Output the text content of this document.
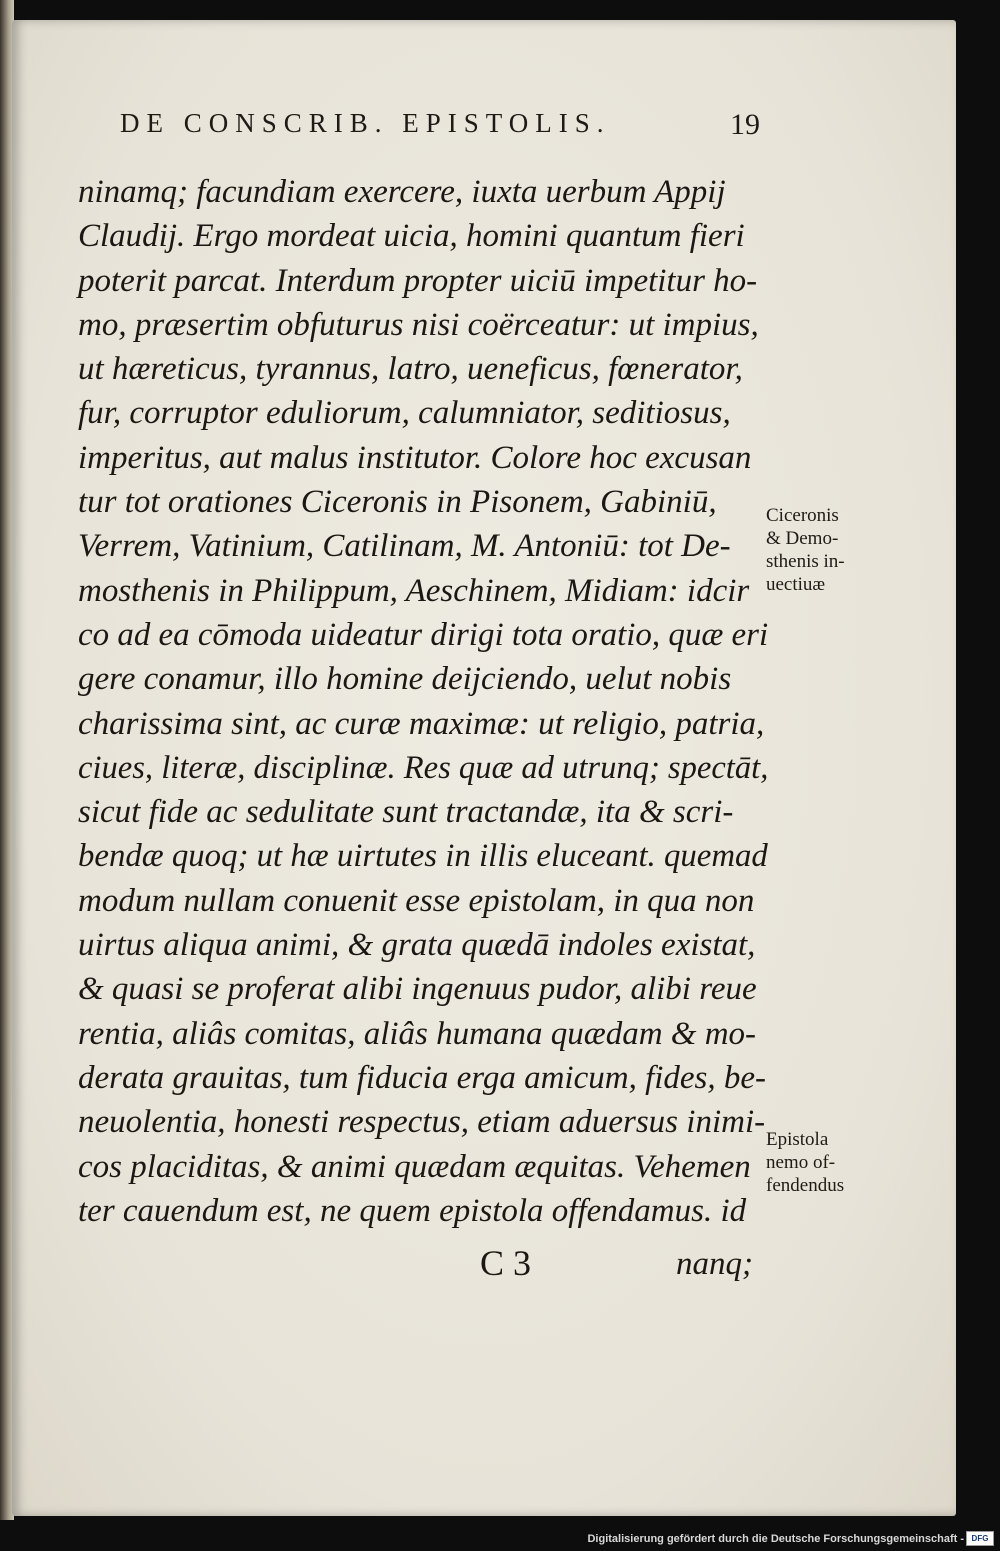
DE CONSCRIB. EPISTOLIS.	19
ninamq; facundiam exercere, iuxta uerbum Appij
Claudij. Ergo mordeat uicia, homini quantum fieri
poterit parcat. Interdum propter uiciū impetitur ho-
mo, præsertim obfuturus nisi coërceatur: ut impius,
ut hæreticus, tyrannus, latro, ueneficus, fœnerator,
fur, corruptor eduliorum, calumniator, seditiosus,
imperitus, aut malus institutor. Colore hoc excusan
tur tot orationes Ciceronis in Pisonem, Gabiniū,
Verrem, Vatinium, Catilinam, M. Antoniū: tot De-
mosthenis in Philippum, Aeschinem, Midiam: idcir
co ad ea cōmoda uideatur dirigi tota oratio, quæ eri
gere conamur, illo homine deijciendo, uelut nobis
charissima sint, ac curæ maximæ: ut religio, patria,
ciues, literæ, disciplinæ. Res quæ ad utrunq; spectāt,
sicut fide ac sedulitate sunt tractandæ, ita & scri-
bendæ quoq; ut hæ uirtutes in illis eluceant. quemad
modum nullam conuenit esse epistolam, in qua non
uirtus aliqua animi, & grata quædā indoles existat,
& quasi se proferat alibi ingenuus pudor, alibi reue
rentia, aliâs comitas, aliâs humana quædam & mo-
derata grauitas, tum fiducia erga amicum, fides, be-
neuolentia, honesti respectus, etiam aduersus inimi-
cos placiditas, & animi quædam æquitas. Vehemen
ter cauendum est, ne quem epistola offendamus. id
C 3	nanq;
Ciceronis
& Demo-
sthenis in-
uectiuæ
Epistola
nemo of-
fendendus
Digitalisierung gefördert durch die Deutsche Forschungsgemeinschaft - DFG
